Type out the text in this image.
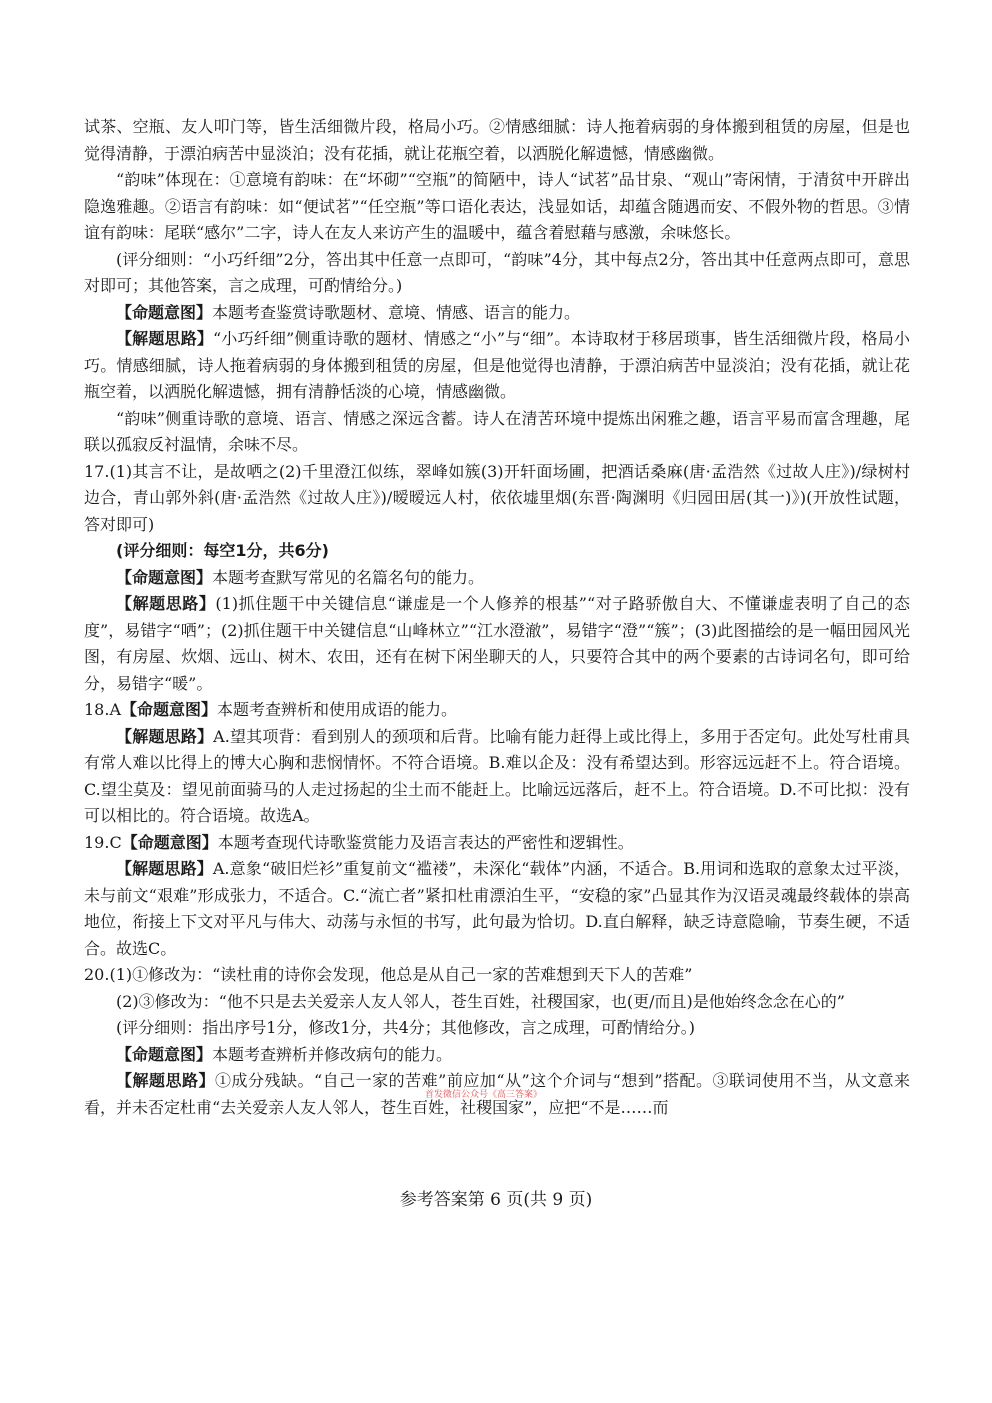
试茶、空瓶、友人叩门等，皆生活细微片段，格局小巧。②情感细腻：诗人拖着病弱的身体搬到租赁的房屋，但是也觉得清静，于漂泊病苦中显淡泊；没有花插，就让花瓶空着，以洒脱化解遗憾，情感幽微。

“韵味”体现在：①意境有韵味：在“坏砌”“空瓶”的简陋中，诗人“试茗”品甘泉、“观山”寄闲情，于清贫中开辟出隐逸雅趣。②语言有韵味：如“便试茗”“任空瓶”等口语化表达，浅显如话，却蕴含随遇而安、不假外物的哲思。③情谊有韵味：尾联“感尔”二字，诗人在友人来访产生的温暖中，蕴含着慰藉与感激，余味悠长。

(评分细则：“小巧纤细”2分，答出其中任意一点即可，“韵味”4分，其中每点2分，答出其中任意两点即可，意思对即可；其他答案，言之成理，可酌情给分。)

【命题意图】本题考查鉴赏诗歌题材、意境、情感、语言的能力。

【解题思路】“小巧纤细”侧重诗歌的题材、情感之“小”与“细”。本诗取材于移居琐事，皆生活细微片段，格局小巧。情感细腻，诗人拖着病弱的身体搬到租赁的房屋，但是他觉得也清静，于漂泊病苦中显淡泊；没有花插，就让花瓶空着，以洒脱化解遗憾，拥有清静恬淡的心境，情感幽微。

“韵味”侧重诗歌的意境、语言、情感之深远含蓄。诗人在清苦环境中提炼出闲雅之趣，语言平易而富含理趣，尾联以孤寂反衬温情，余味不尽。

17.(1)其言不让，是故哂之(2)千里澄江似练，翠峰如簇(3)开轩面场圃，把酒话桑麻(唐·孟浩然《过故人庄》)/绿树村边合，青山郭外斜(唐·孟浩然《过故人庄》)/暧暧远人村，依依墟里烟(东晋·陶渊明《归园田居(其一)》)(开放性试题，答对即可)

(评分细则：每空1分，共6分)

【命题意图】本题考查默写常见的名篇名句的能力。

【解题思路】(1)抓住题干中关键信息“谦虚是一个人修养的根基”“对子路骄傲自大、不懂谦虚表明了自己的态度”，易错字“哂”；(2)抓住题干中关键信息“山峰林立”“江水澄澈”，易错字“澄”“簇”；(3)此图描绘的是一幅田园风光图，有房屋、炊烟、远山、树木、农田，还有在树下闲坐聊天的人，只要符合其中的两个要素的古诗词名句，即可给分，易错字“暖”。

18.A【命题意图】本题考查辨析和使用成语的能力。

【解题思路】A.望其项背：看到别人的颈项和后背。比喻有能力赶得上或比得上，多用于否定句。此处写杜甫具有常人难以比得上的博大心胸和悲悯情怀。不符合语境。B.难以企及：没有希望达到。形容远远赶不上。符合语境。C.望尘莫及：望见前面骑马的人走过扬起的尘土而不能赶上。比喻远远落后，赶不上。符合语境。D.不可比拟：没有可以相比的。符合语境。故选A。

19.C【命题意图】本题考查现代诗歌鉴赏能力及语言表达的严密性和逻辑性。

【解题思路】A.意象“破旧烂衫”重复前文“褴褛”，未深化“载体”内涵，不适合。B.用词和选取的意象太过平淡，未与前文“艰难”形成张力，不适合。C.“流亡者”紧扣杜甫漂泊生平，“安稳的家”凸显其作为汉语灵魂最终载体的崇高地位，衔接上下文对平凡与伟大、动荡与永恒的书写，此句最为恰切。D.直白解释，缺乏诗意隐喻，节奏生硬，不适合。故选C。

20.(1)①修改为：“读杜甫的诗你会发现，他总是从自己一家的苦难想到天下人的苦难”

(2)③修改为：“他不只是去关爱亲人友人邻人，苍生百姓，社稷国家，也(更/而且)是他始终念念在心的”

(评分细则：指出序号1分，修改1分，共4分；其他修改，言之成理，可酌情给分。)

【命题意图】本题考查辨析并修改病句的能力。

【解题思路】①成分残缺。“自己一家的苦难”前应加“从”这个介词与“想到”搭配。③联词使用不当，从文意来看，并未否定杜甫“去关爱亲人友人邻人，苍生百姓，社稷国家”，应把“不是……而

首发微信公众号《高三答案》
参考答案第 6 页(共 9 页)
